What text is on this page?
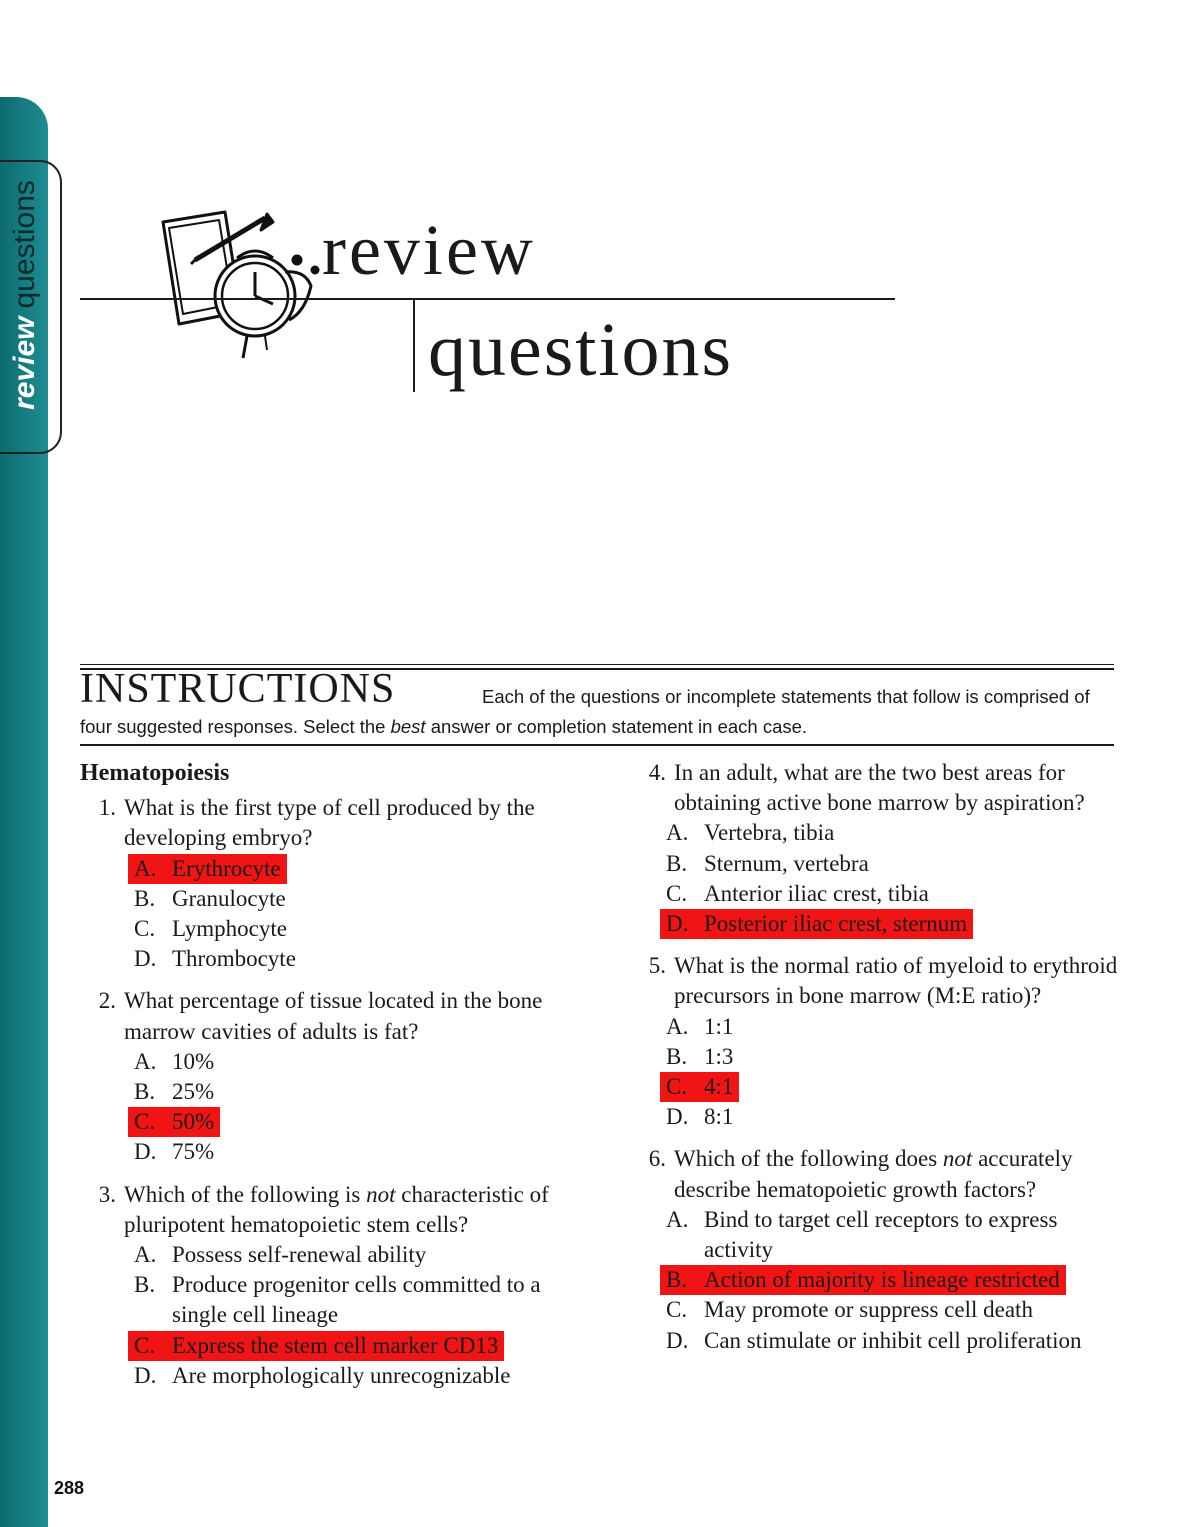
review
questions
288
review
questions
INSTRUCTIONS	Each of the questions or incomplete statements that follow is comprised of four suggested responses. Select the best answer or completion statement in each case.
Hematopoiesis
1. What is the first type of cell produced by the developing embryo?
A. Erythrocyte
B. Granulocyte
C. Lymphocyte
D. Thrombocyte
2. What percentage of tissue located in the bone marrow cavities of adults is fat?
A. 10%
B. 25%
C. 50%
D. 75%
3. Which of the following is not characteristic of pluripotent hematopoietic stem cells?
A. Possess self-renewal ability
B. Produce progenitor cells committed to a single cell lineage
C. Express the stem cell marker CD13
D. Are morphologically unrecognizable
4. In an adult, what are the two best areas for obtaining active bone marrow by aspiration?
A. Vertebra, tibia
B. Sternum, vertebra
C. Anterior iliac crest, tibia
D. Posterior iliac crest, sternum
5. What is the normal ratio of myeloid to erythroid precursors in bone marrow (M:E ratio)?
A. 1:1
B. 1:3
C. 4:1
D. 8:1
6. Which of the following does not accurately describe hematopoietic growth factors?
A. Bind to target cell receptors to express activity
B. Action of majority is lineage restricted
C. May promote or suppress cell death
D. Can stimulate or inhibit cell proliferation
